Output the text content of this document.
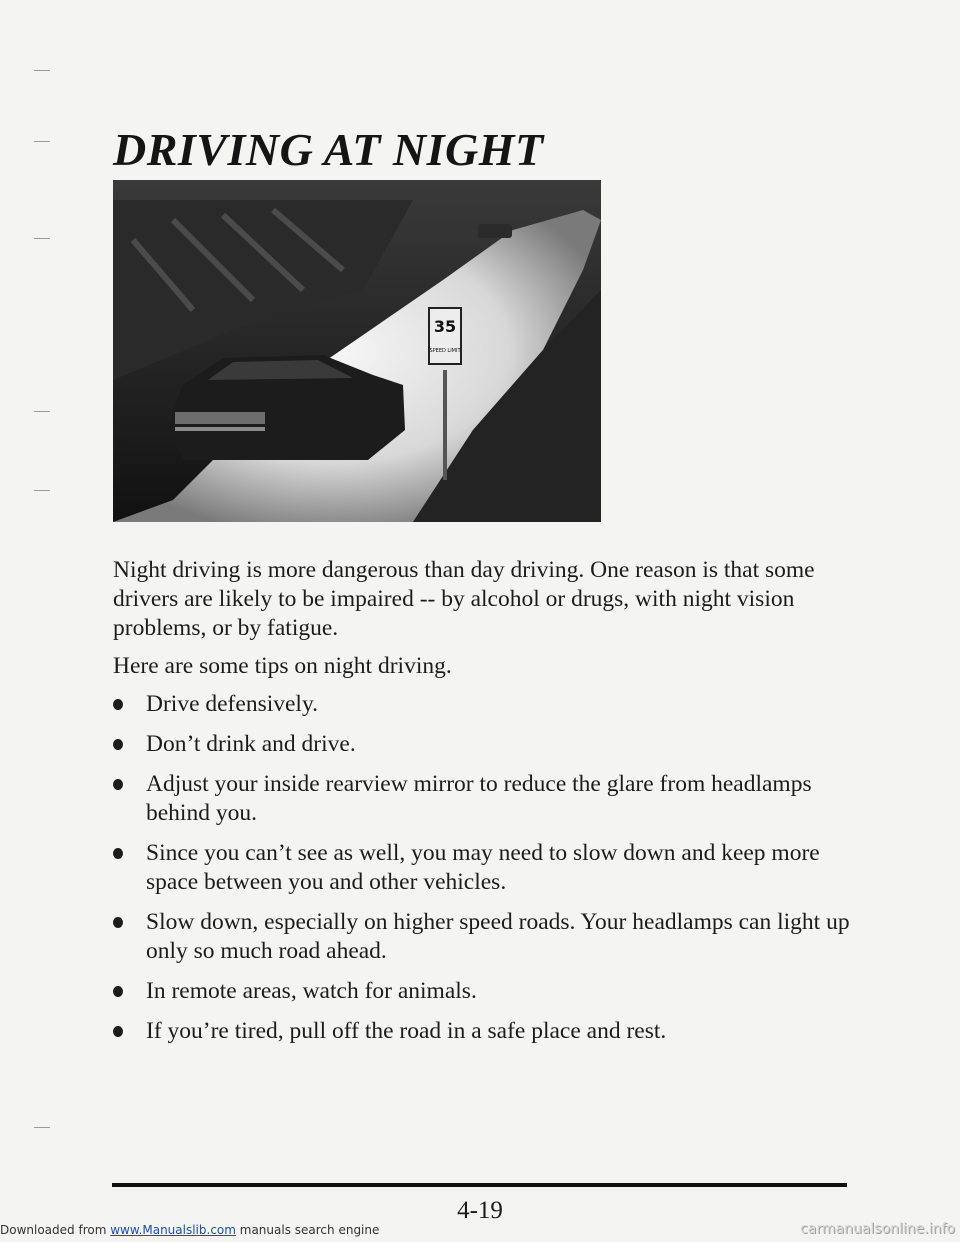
DRIVING AT NIGHT
35
SPEED LIMIT

Night driving is more dangerous than day driving. One reason is that some drivers are likely to be impaired -- by alcohol or drugs, with night vision problems, or by fatigue.

Here are some tips on night driving.

Drive defensively.
Don’t drink and drive.
Adjust your inside rearview mirror to reduce the glare from headlamps behind you.
Since you can’t see as well, you may need to slow down and keep more space between you and other vehicles.
Slow down, especially on higher speed roads. Your headlamps can light up only so much road ahead.
In remote areas, watch for animals.
If you’re tired, pull off the road in a safe place and rest.
4-19
Downloaded from www.Manualslib.com manuals search engine	carmanualsonline.info
